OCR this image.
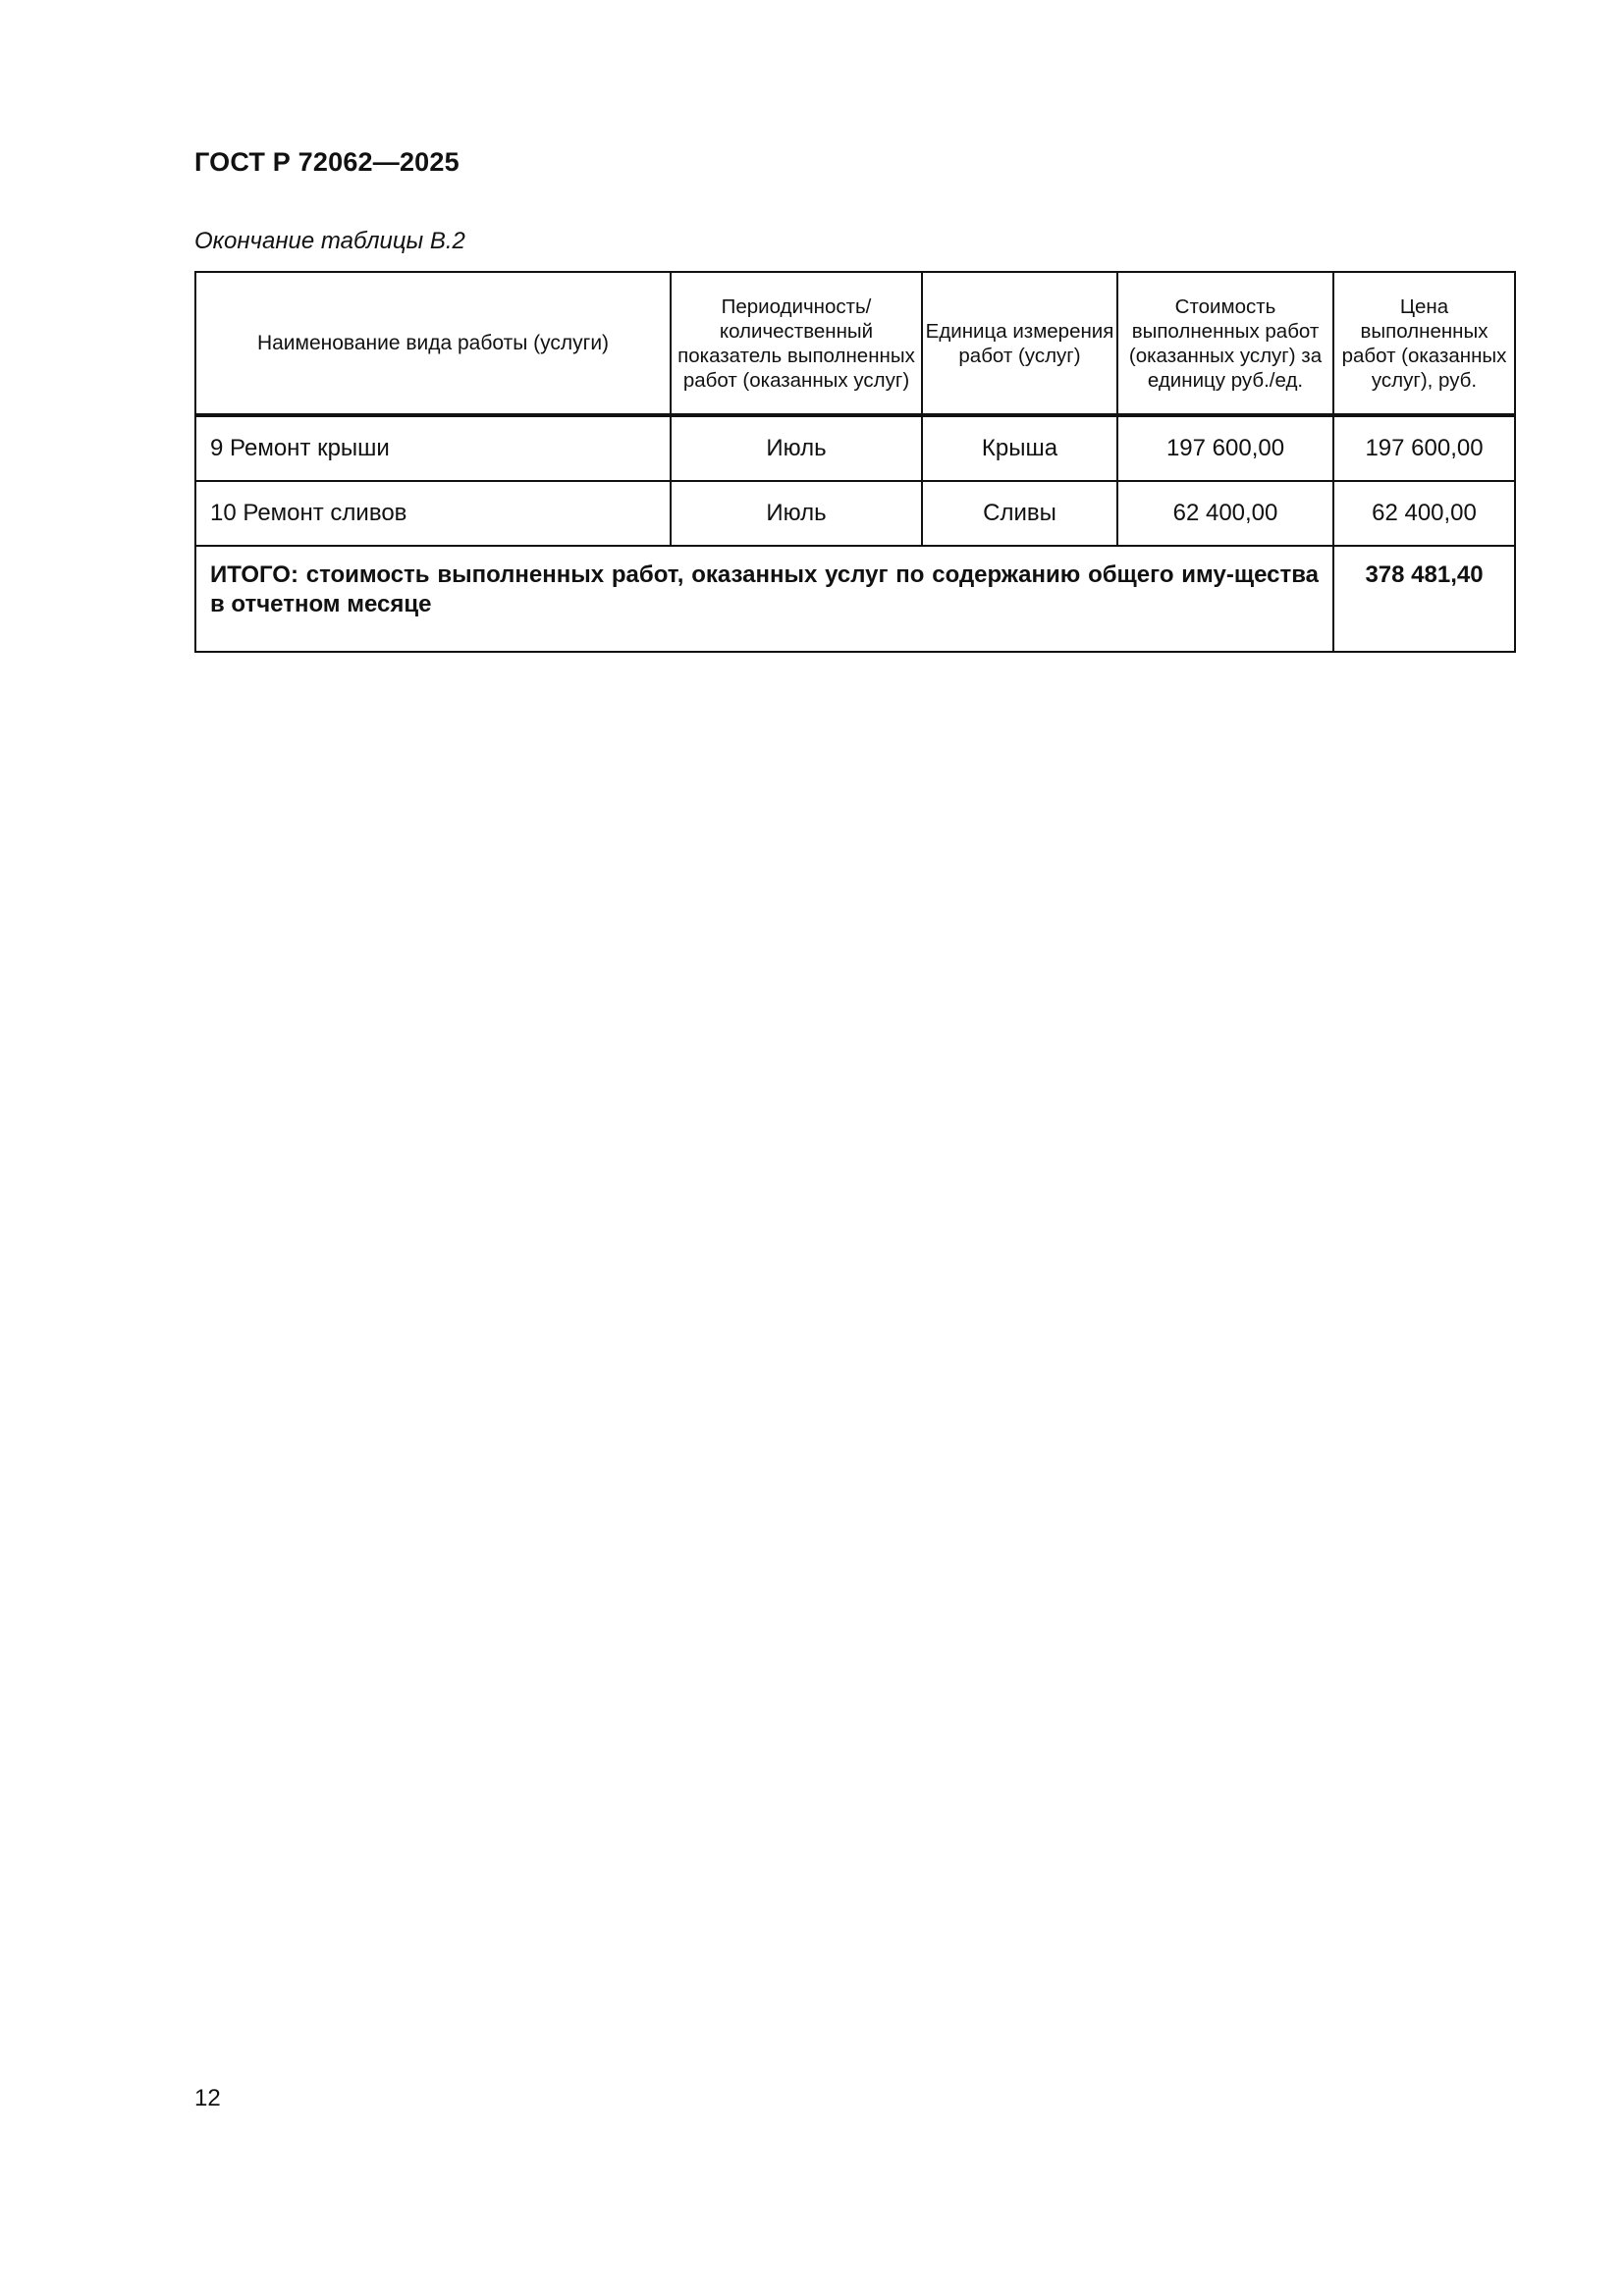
ГОСТ Р 72062—2025
Окончание таблицы В.2
Наименование вида работы (услуги)	Периодичность/ количественный показатель выполненных работ (оказанных услуг)	Единица измерения работ (услуг)	Стоимость выполненных работ (оказанных услуг) за единицу руб./ед.	Цена выполненных работ (оказанных услуг), руб.
9 Ремонт крыши	Июль	Крыша	197 600,00	197 600,00
10 Ремонт сливов	Июль	Сливы	62 400,00	62 400,00
ИТОГО: стоимость выполненных работ, оказанных услуг по содержанию общего иму-щества в отчетном месяце				378 481,40
12
